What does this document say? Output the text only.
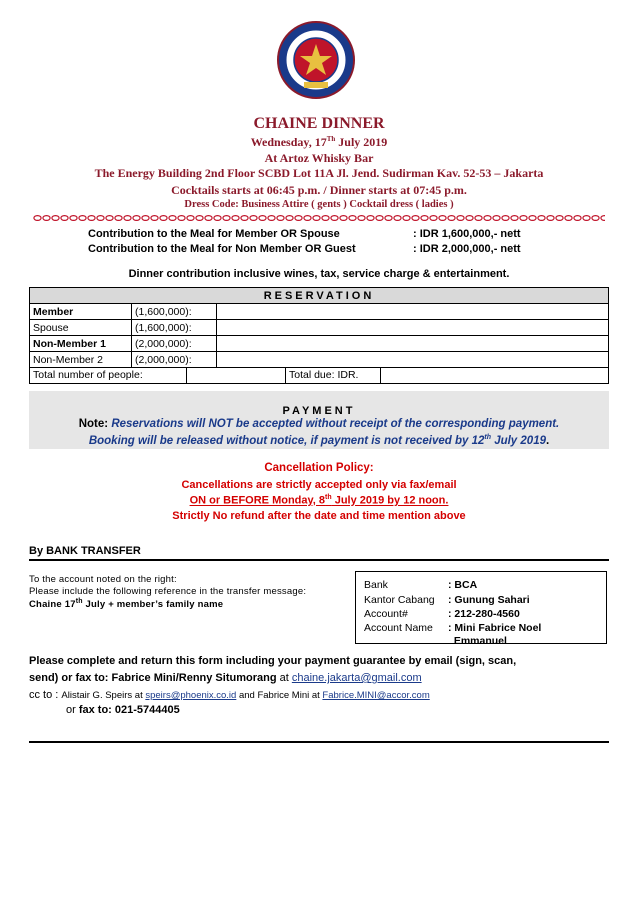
CHAINE DINNER
Wednesday, 17Th July 2019
At Artoz Whisky Bar
The Energy Building 2nd Floor SCBD Lot 11A Jl. Jend. Sudirman Kav. 52-53 – Jakarta
Cocktails starts at 06:45 p.m. / Dinner starts at 07:45 p.m.
Dress Code: Business Attire ( gents ) Cocktail dress ( ladies )
Contribution to the Meal for Member OR Spouse	: IDR 1,600,000,- nett
Contribution to the Meal for Non Member OR Guest	: IDR 2,000,000,- nett
Dinner contribution inclusive wines, tax, service charge & entertainment.
RESERVATION		
Member	(1,600,000):	
Spouse	(1,600,000):	
Non-Member 1	(2,000,000):	
Non-Member 2	(2,000,000):	

Total number of people: Total due: IDR.		
PAYMENT
Note: Reservations will NOT be accepted without receipt of the corresponding payment.
Booking will be released without notice, if payment is not received by 12th July 2019.
Cancellation Policy:
Cancellations are strictly accepted only via fax/email
ON or BEFORE Monday, 8th July 2019 by 12 noon.
Strictly No refund after the date and time mention above
By BANK TRANSFER
To the account noted on the right:
Please include the following reference in the transfer message:
Chaine 17th July + member’s family name
Bank	: BCA
Kantor Cabang : Gunung Sahari
Account#	: 212-280-4560
Account Name : Mini Fabrice Noel
Emmanuel
Please complete and return this form including your payment guarantee by email (sign, scan,
send) or fax to: Fabrice Mini/Renny Situmorang at chaine.jakarta@gmail.com
cc to : Alistair G. Speirs at speirs@phoenix.co.id and Fabrice Mini at Fabrice.MINI@accor.com
or fax to: 021-5744405
